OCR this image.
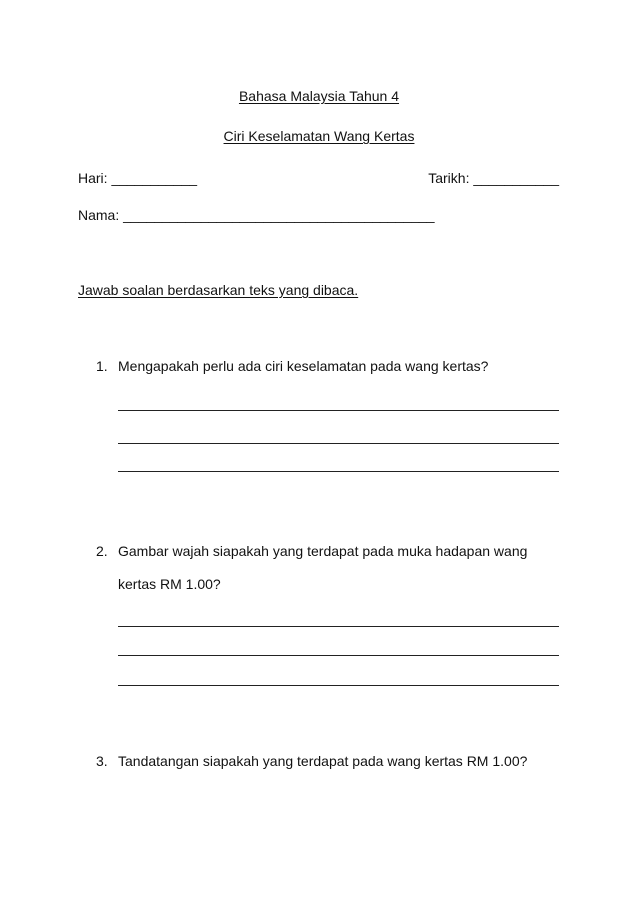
Bahasa Malaysia Tahun 4
Ciri Keselamatan Wang Kertas
Hari: ___________	Tarikh: ___________
Nama: ________________________________________
Jawab soalan berdasarkan teks yang dibaca.
1. Mengapakah perlu ada ciri keselamatan pada wang kertas?
2. Gambar wajah siapakah yang terdapat pada muka hadapan wang
kertas RM 1.00?
3. Tandatangan siapakah yang terdapat pada wang kertas RM 1.00?
